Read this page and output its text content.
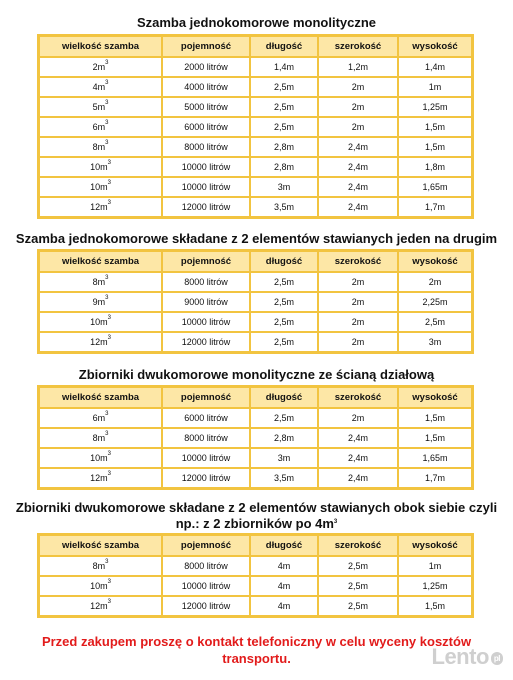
Szamba jednokomorowe monolityczne
wielkość szamba	pojemność	długość	szerokość	wysokość
$2m^3$	2000 litrów	1,4m	1,2m	1,4m
$4m^3$	4000 litrów	2,5m	2m	1m
$5m^3$	5000 litrów	2,5m	2m	1,25m
$6m^3$	6000 litrów	2,5m	2m	1,5m
$8m^3$	8000 litrów	2,8m	2,4m	1,5m
$10m^3$	10000 litrów	2,8m	2,4m	1,8m
$10m^3$	10000 litrów	3m	2,4m	1,65m
$12m^3$	12000 litrów	3,5m	2,4m	1,7m
Szamba jednokomorowe składane z 2 elementów stawianych jeden na drugim
wielkość szamba	pojemność	długość	szerokość	wysokość
$8m^3$	8000 litrów	2,5m	2m	2m
$9m^3$	9000 litrów	2,5m	2m	2,25m
$10m^3$	10000 litrów	2,5m	2m	2,5m
$12m^3$	12000 litrów	2,5m	2m	3m
Zbiorniki dwukomorowe monolityczne ze ścianą działową
wielkość szamba	pojemność	długość	szerokość	wysokość
$6m^3$	6000 litrów	2,5m	2m	1,5m
$8m^3$	8000 litrów	2,8m	2,4m	1,5m
$10m^3$	10000 litrów	3m	2,4m	1,65m
$12m^3$	12000 litrów	3,5m	2,4m	1,7m
Zbiorniki dwukomorowe składane z 2 elementów stawianych obok siebie czyli
np.: z 2 zbiorników po $4m^3$
wielkość szamba	pojemność	długość	szerokość	wysokość
$8m^3$	8000 litrów	4m	2,5m	1m
$10m^3$	10000 litrów	4m	2,5m	1,25m
$12m^3$	12000 litrów	4m	2,5m	1,5m
Przed zakupem proszę o kontakt telefoniczny w celu wyceny kosztów
transportu.	Lento pl
